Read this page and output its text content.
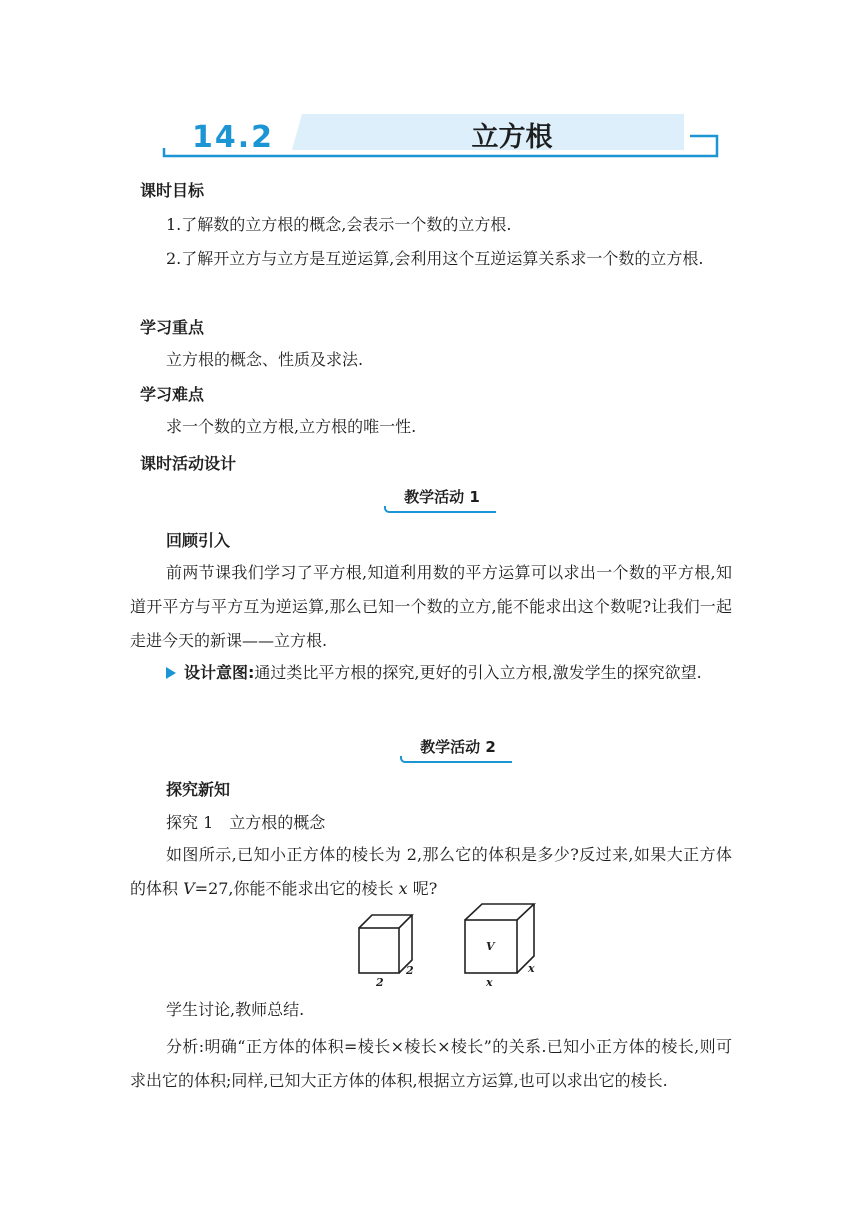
14.2	立方根
课时目标
1.了解数的立方根的概念,会表示一个数的立方根.
2.了解开立方与立方是互逆运算,会利用这个互逆运算关系求一个数的立方根.
学习重点
立方根的概念、性质及求法.
学习难点
求一个数的立方根,立方根的唯一性.
课时活动设计
教学活动 1
回顾引入
前两节课我们学习了平方根,知道利用数的平方运算可以求出一个数的平方根,知道开平方与平方互为逆运算,那么已知一个数的立方,能不能求出这个数呢?让我们一起走进今天的新课——立方根.
设计意图:通过类比平方根的探究,更好的引入立方根,激发学生的探究欲望.
教学活动 2
探究新知
探究 1　立方根的概念
如图所示,已知小正方体的棱长为 2,那么它的体积是多少?反过来,如果大正方体的体积 V=27,你能不能求出它的棱长 x 呢?
2
2
V
x
x
学生讨论,教师总结.
分析:明确“正方体的体积=棱长×棱长×棱长”的关系.已知小正方体的棱长,则可求出它的体积;同样,已知大正方体的体积,根据立方运算,也可以求出它的棱长.
